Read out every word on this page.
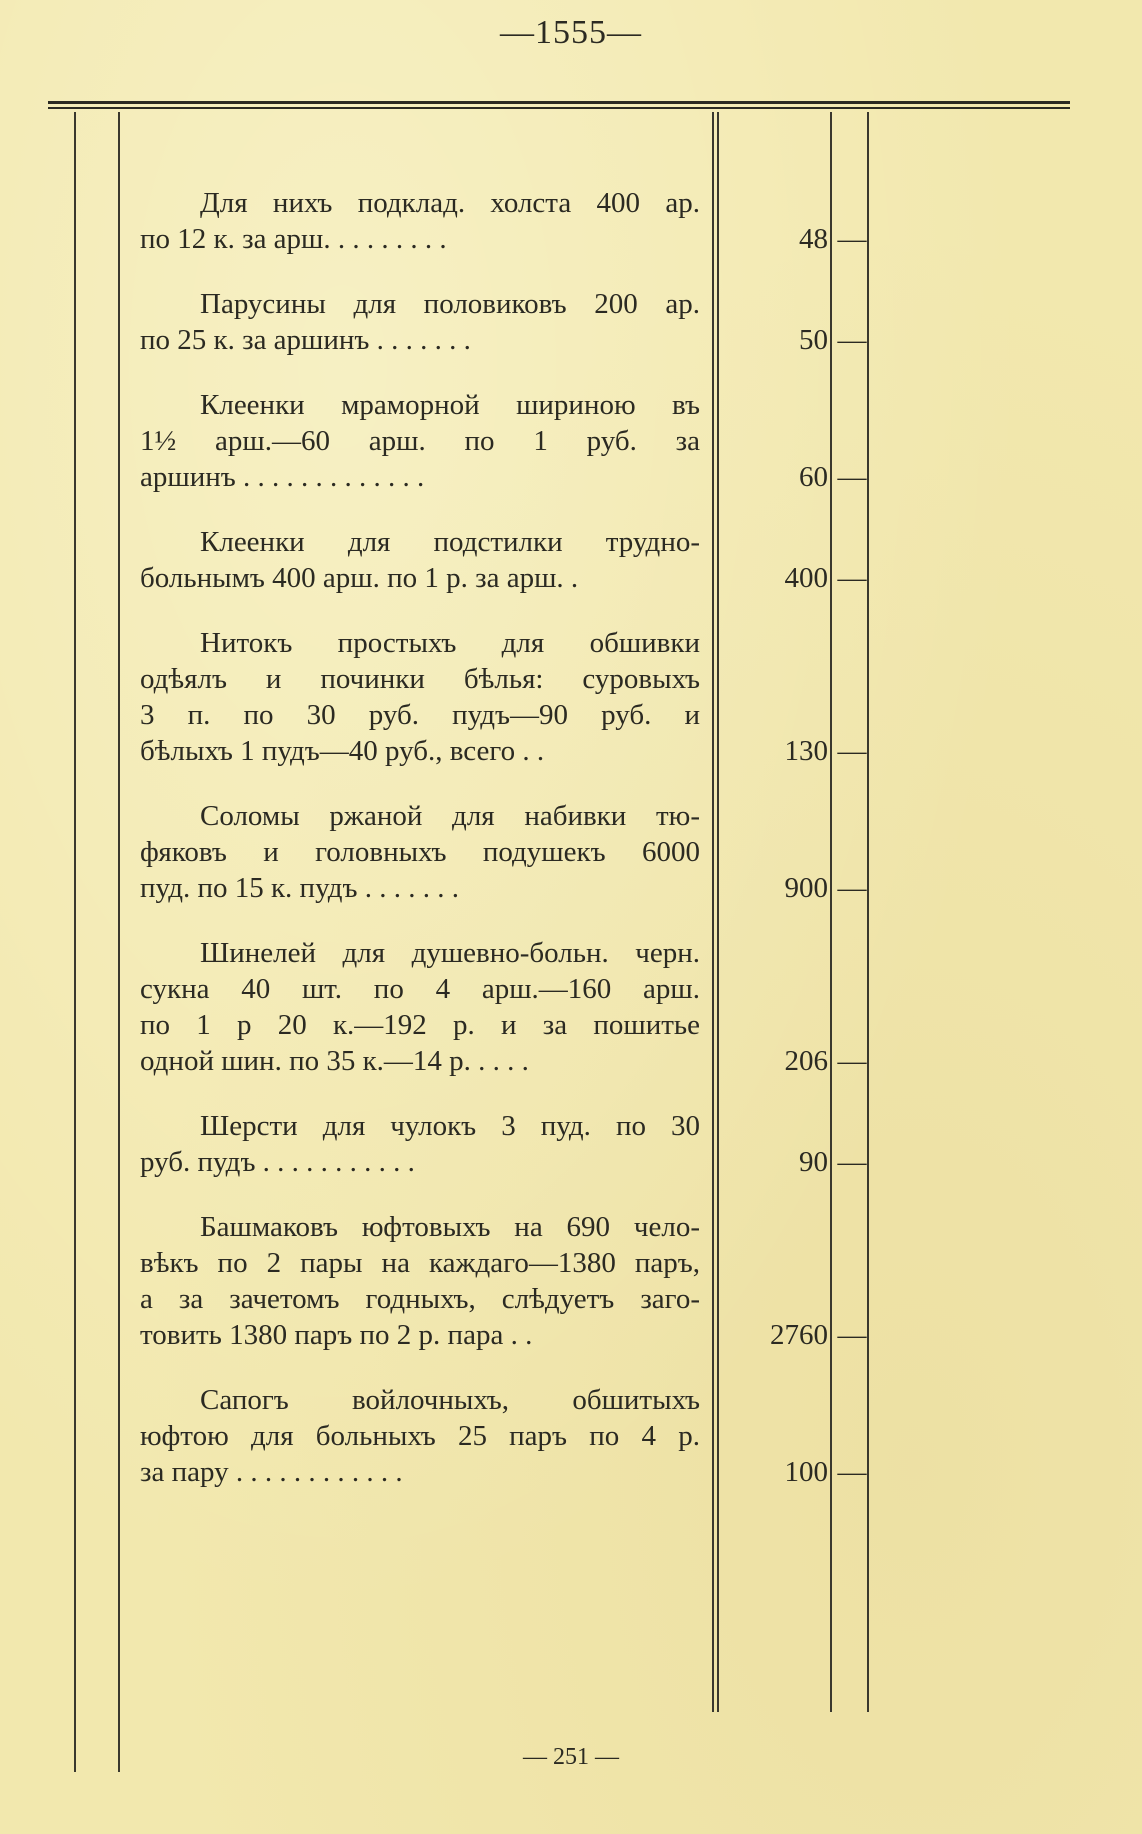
—1555—
Для нихъ подклад. холста 400 ар.
по 12 к. за арш. . . . . . . . .	48 —
Парусины для половиковъ 200 ар.
по 25 к. за аршинъ . . . . . . .	50 —
Клеенки мраморной шириною въ
1½ арш.—60 арш. по 1 руб. за
аршинъ . . . . . . . . . . . . .	60 —
Клеенки для подстилки трудно-
больнымъ 400 арш. по 1 р. за арш. .	400 —
Нитокъ простыхъ для обшивки
одѣялъ и починки бѣлья: суровыхъ
3 п. по 30 руб. пудъ—90 руб. и
бѣлыхъ 1 пудъ—40 руб., всего . .	130 —
Соломы ржаной для набивки тю-
фяковъ и головныхъ подушекъ 6000
пуд. по 15 к. пудъ . . . . . . .	900 —
Шинелей для душевно-больн. черн.
сукна 40 шт. по 4 арш.—160 арш.
по 1 р 20 к.—192 р. и за пошитье
одной шин. по 35 к.—14 р. . . . .	206 —
Шерсти для чулокъ 3 пуд. по 30
руб. пудъ . . . . . . . . . . .	90 —
Башмаковъ юфтовыхъ на 690 чело-
вѣкъ по 2 пары на каждаго—1380 паръ,
а за зачетомъ годныхъ, слѣдуетъ заго-
товить 1380 паръ по 2 р. пара . .	2760 —
Сапогъ войлочныхъ, обшитыхъ
юфтою для больныхъ 25 паръ по 4 р.
за пару . . . . . . . . . . . .	100 —
— 251 —
